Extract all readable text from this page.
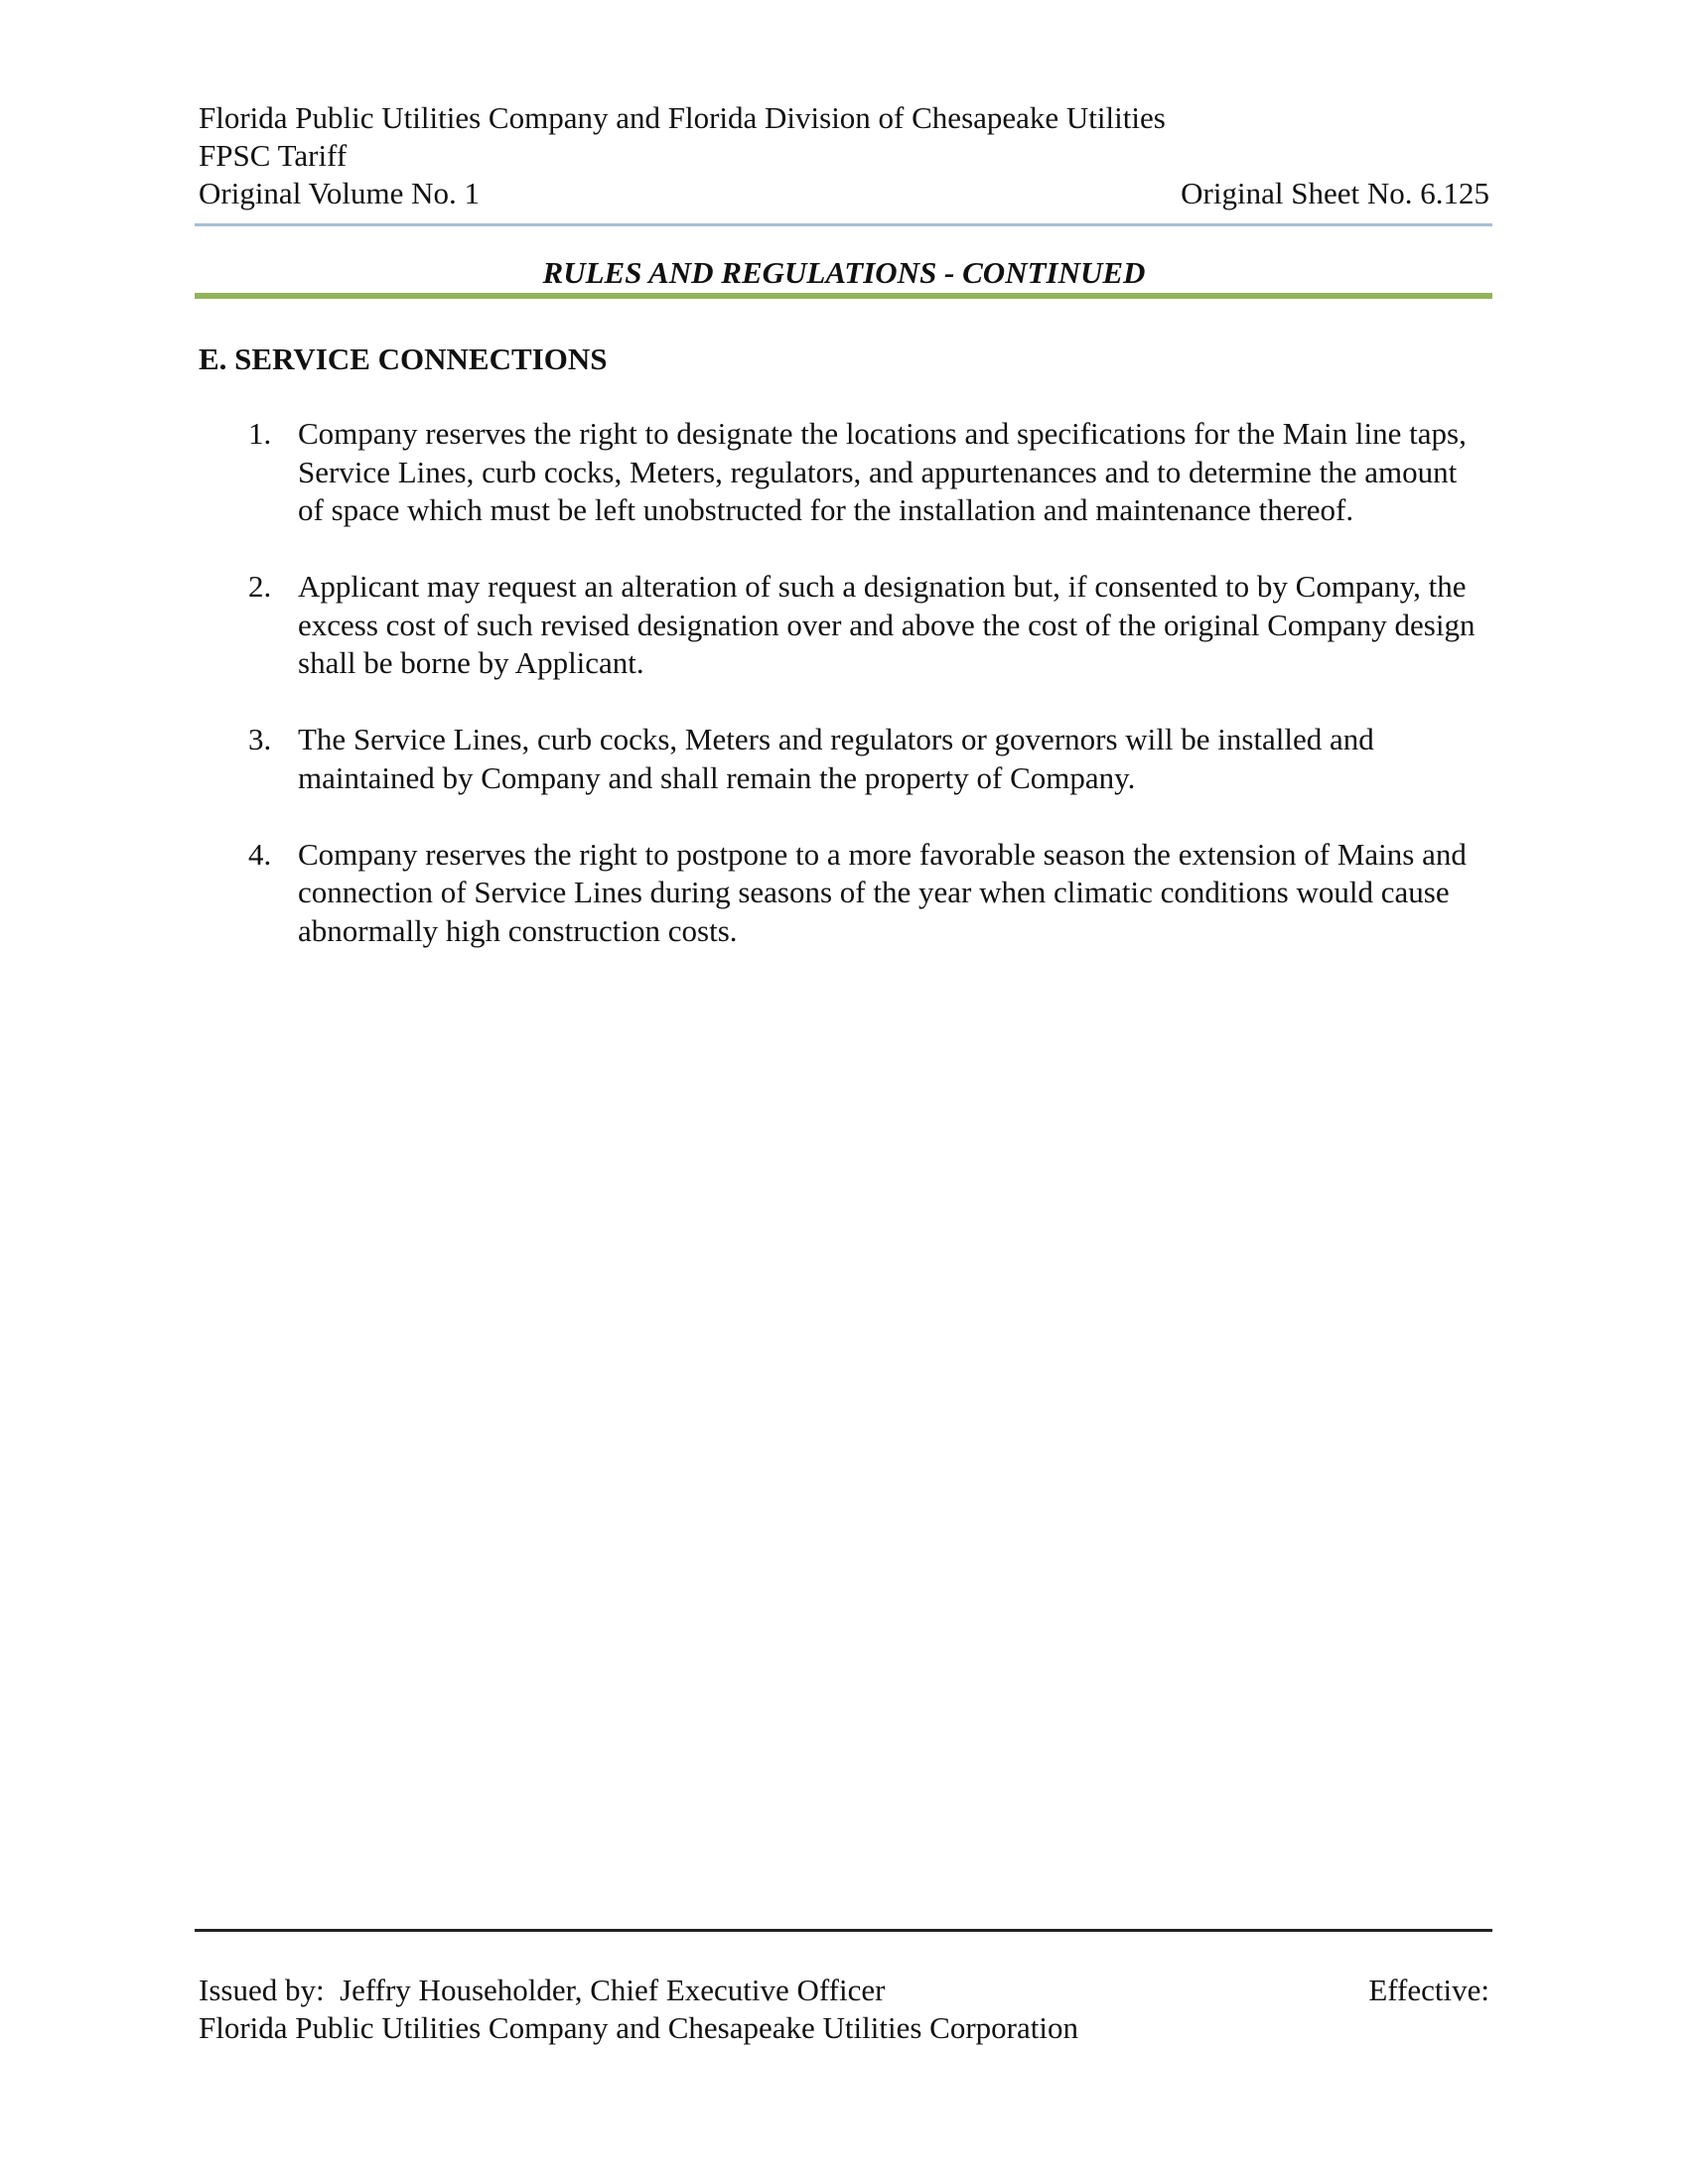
Florida Public Utilities Company and Florida Division of Chesapeake Utilities
FPSC Tariff
Original Volume No. 1	Original Sheet No. 6.125
RULES AND REGULATIONS - CONTINUED
E. SERVICE CONNECTIONS
1. Company reserves the right to designate the locations and specifications for the Main line taps, Service Lines, curb cocks, Meters, regulators, and appurtenances and to determine the amount of space which must be left unobstructed for the installation and maintenance thereof.
2. Applicant may request an alteration of such a designation but, if consented to by Company, the excess cost of such revised designation over and above the cost of the original Company design shall be borne by Applicant.
3. The Service Lines, curb cocks, Meters and regulators or governors will be installed and maintained by Company and shall remain the property of Company.
4. Company reserves the right to postpone to a more favorable season the extension of Mains and connection of Service Lines during seasons of the year when climatic conditions would cause abnormally high construction costs.
Issued by:  Jeffry Householder, Chief Executive Officer	Effective:
Florida Public Utilities Company and Chesapeake Utilities Corporation
